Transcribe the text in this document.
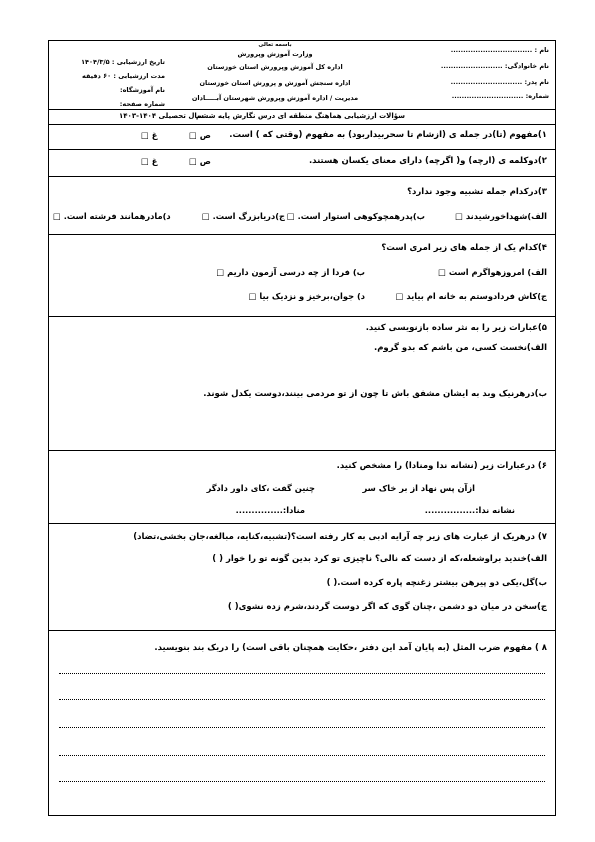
نام : .................................
نام خانوادگی: .........................
نام پدر: .............................
شماره: .............................
باسمه تعالی
وزارت آموزش وپرورش
اداره کل آموزش وپرورش استان خوزستان
اداره سنجش آموزش و پرورش استان خوزستان
مدیریت / اداره آموزش وپرورش شهرستان آبـــــادان
تاریخ ارزشیابی : ۱۴۰۴/۳/۵
مدت ارزشیابی : ۶۰ دقیقه
نام آموزشگاه:
شماره صفحه:
سؤالات ارزشیابی هماهنگ منطقه ای درس نگارش پایه ششم
سال تحصیلی ۱۴۰۴-۱۴۰۳
۱)مفهوم (تا)در جمله ی (ازشام تا سحربیداربود) به مفهوم (وقتی که ) است.
ص □
غ □
۲)دوکلمه ی (ارچه) و( اگرچه) دارای معنای یکسان هستند.
ص □
غ □
۳)درکدام جمله تشبیه وجود ندارد؟
الف)شهداخورشیدند □
ب)پدرهمچوکوهی استوار است. □
ج)دریابزرگ است. □
د)مادرهمانند فرشته است. □
۴)کدام یک از جمله های زیر امری است؟
الف) امروزهواگرم است □
ب) فردا از چه درسی آزمون داریم □
ج)کاش فردادوستم به خانه ام بیاید □
د) جوان،برخیز و نزدیک بیا □
۵)عبارات زیر را به نثر ساده بازنویسی کنید.
الف)نخست کسی، من باشم که بدو گروم.
ب)درهرنیک وبد به ایشان مشفق باش تا چون از تو مردمی بینند،دوست یکدل شوند.
۶) درعبارات زیر (نشانه ندا ومنادا) را مشخص کنید.
ازآن پس نهاد از بر خاک سر
چنین گفت ،کای داور دادگر
نشانه ندا:................
منادا:...............
۷) درهریک از عبارت های زیر چه آرایه ادبی به کار رفته است؟(تشبیه،کنایه، مبالغه،جان بخشی،تضاد)
الف)خندید براوشعله،که از دست که نالی؟ ناچیزی تو کرد بدین گونه تو را خوار ( )
ب)گل،یکی دو پیرهن بیشتر زغنچه پاره کرده است.( )
ج)سخن در میان دو دشمن ،چنان گوی که اگر دوست گردند،شرم زده نشوی( )
۸ ) مفهوم ضرب المثل (به پایان آمد این دفتر ،حکایت همچنان باقی است) را دریک بند بنویسید.
